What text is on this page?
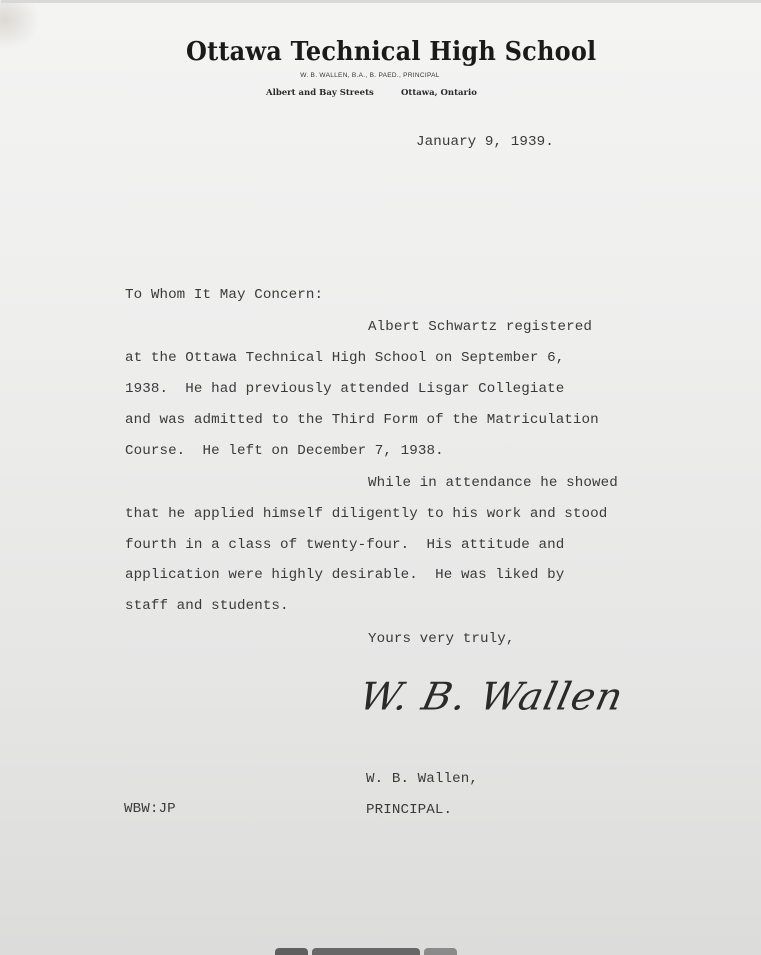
Ottawa Technical High School
W. B. WALLEN, B.A., B. PAED., PRINCIPAL
Albert and Bay Streets	Ottawa, Ontario
January 9, 1939.
To Whom It May Concern:
Albert Schwartz registered
at the Ottawa Technical High School on September 6,
1938.  He had previously attended Lisgar Collegiate
and was admitted to the Third Form of the Matriculation
Course.  He left on December 7, 1938.
While in attendance he showed
that he applied himself diligently to his work and stood
fourth in a class of twenty-four.  His attitude and
application were highly desirable.  He was liked by
staff and students.
Yours very truly,
W. B. Wallen
W. B. Wallen,
PRINCIPAL.
WBW:JP
